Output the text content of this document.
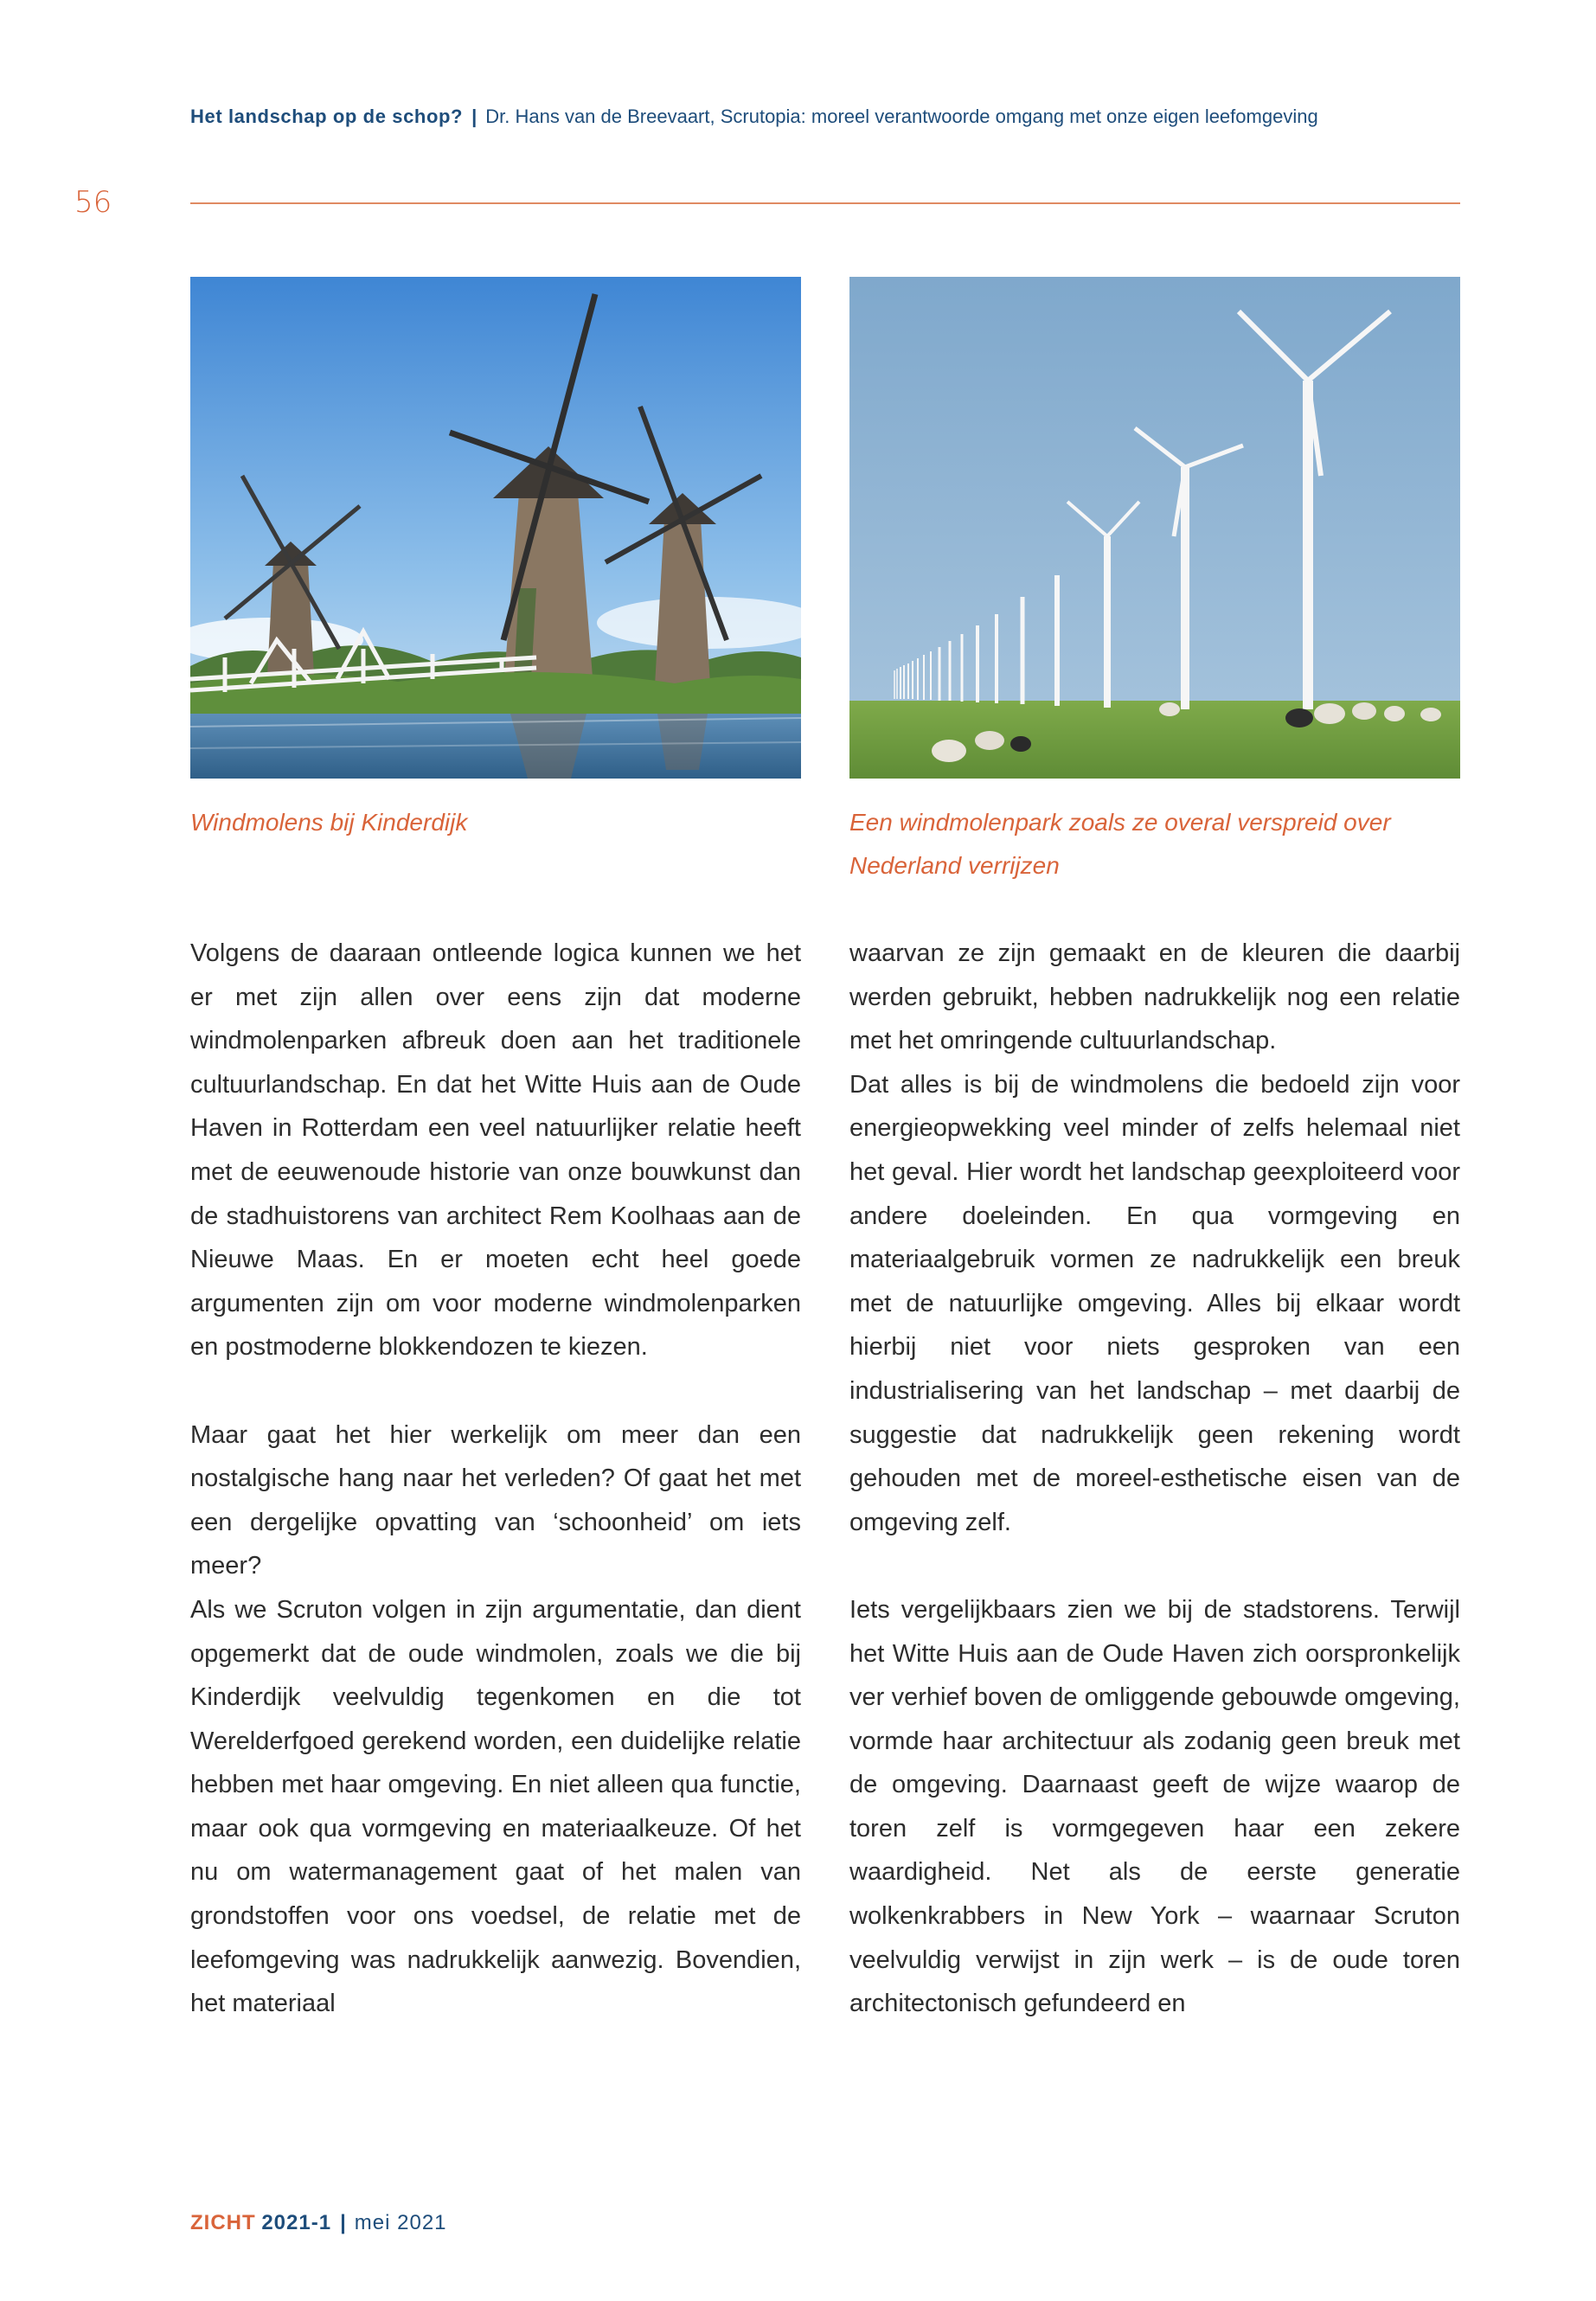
Het landschap op de schop? | Dr. Hans van de Breevaart, Scrutopia: moreel verantwoorde omgang met onze eigen leefomgeving
56
Windmolens bij Kinderdijk	Een windmolenpark zoals ze overal verspreid over Nederland verrijzen

Volgens de daaraan ontleende logica kunnen we het er met zijn allen over eens zijn dat moderne windmolenparken afbreuk doen aan het traditionele cultuurlandschap. En dat het Witte Huis aan de Oude Haven in Rotterdam een veel natuurlijker relatie heeft met de eeuwenoude historie van onze bouwkunst dan de stadhuistorens van architect Rem Koolhaas aan de Nieuwe Maas. En er moeten echt heel goede argumenten zijn om voor moderne windmolenparken en postmoderne blokkendozen te kiezen.

Maar gaat het hier werkelijk om meer dan een nostalgische hang naar het verleden? Of gaat het met een dergelijke opvatting van ‘schoonheid’ om iets meer?

Als we Scruton volgen in zijn argumentatie, dan dient opgemerkt dat de oude windmolen, zoals we die bij Kinderdijk veelvuldig tegenkomen en die tot Werelderfgoed gerekend worden, een duidelijke relatie hebben met haar omgeving. En niet alleen qua functie, maar ook qua vormgeving en materiaalkeuze. Of het nu om watermanagement gaat of het malen van grondstoffen voor ons voedsel, de relatie met de leefomgeving was nadrukkelijk aanwezig. Bovendien, het materiaal

waarvan ze zijn gemaakt en de kleuren die daarbij werden gebruikt, hebben nadrukkelijk nog een relatie met het omringende cultuurlandschap.

Dat alles is bij de windmolens die bedoeld zijn voor energieopwekking veel minder of zelfs helemaal niet het geval. Hier wordt het landschap geexploiteerd voor andere doeleinden. En qua vormgeving en materiaalgebruik vormen ze nadrukkelijk een breuk met de natuurlijke omgeving. Alles bij elkaar wordt hierbij niet voor niets gesproken van een industrialisering van het landschap – met daarbij de suggestie dat nadrukkelijk geen rekening wordt gehouden met de moreel-esthetische eisen van de omgeving zelf.

Iets vergelijkbaars zien we bij de stadstorens. Terwijl het Witte Huis aan de Oude Haven zich oorspronkelijk ver verhief boven de omliggende gebouwde omgeving, vormde haar architectuur als zodanig geen breuk met de omgeving. Daarnaast geeft de wijze waarop de toren zelf is vormgegeven haar een zekere waardigheid. Net als de eerste generatie wolkenkrabbers in New York – waarnaar Scruton veelvuldig verwijst in zijn werk – is de oude toren architectonisch gefundeerd en

ZICHT 2021-1 | mei 2021
